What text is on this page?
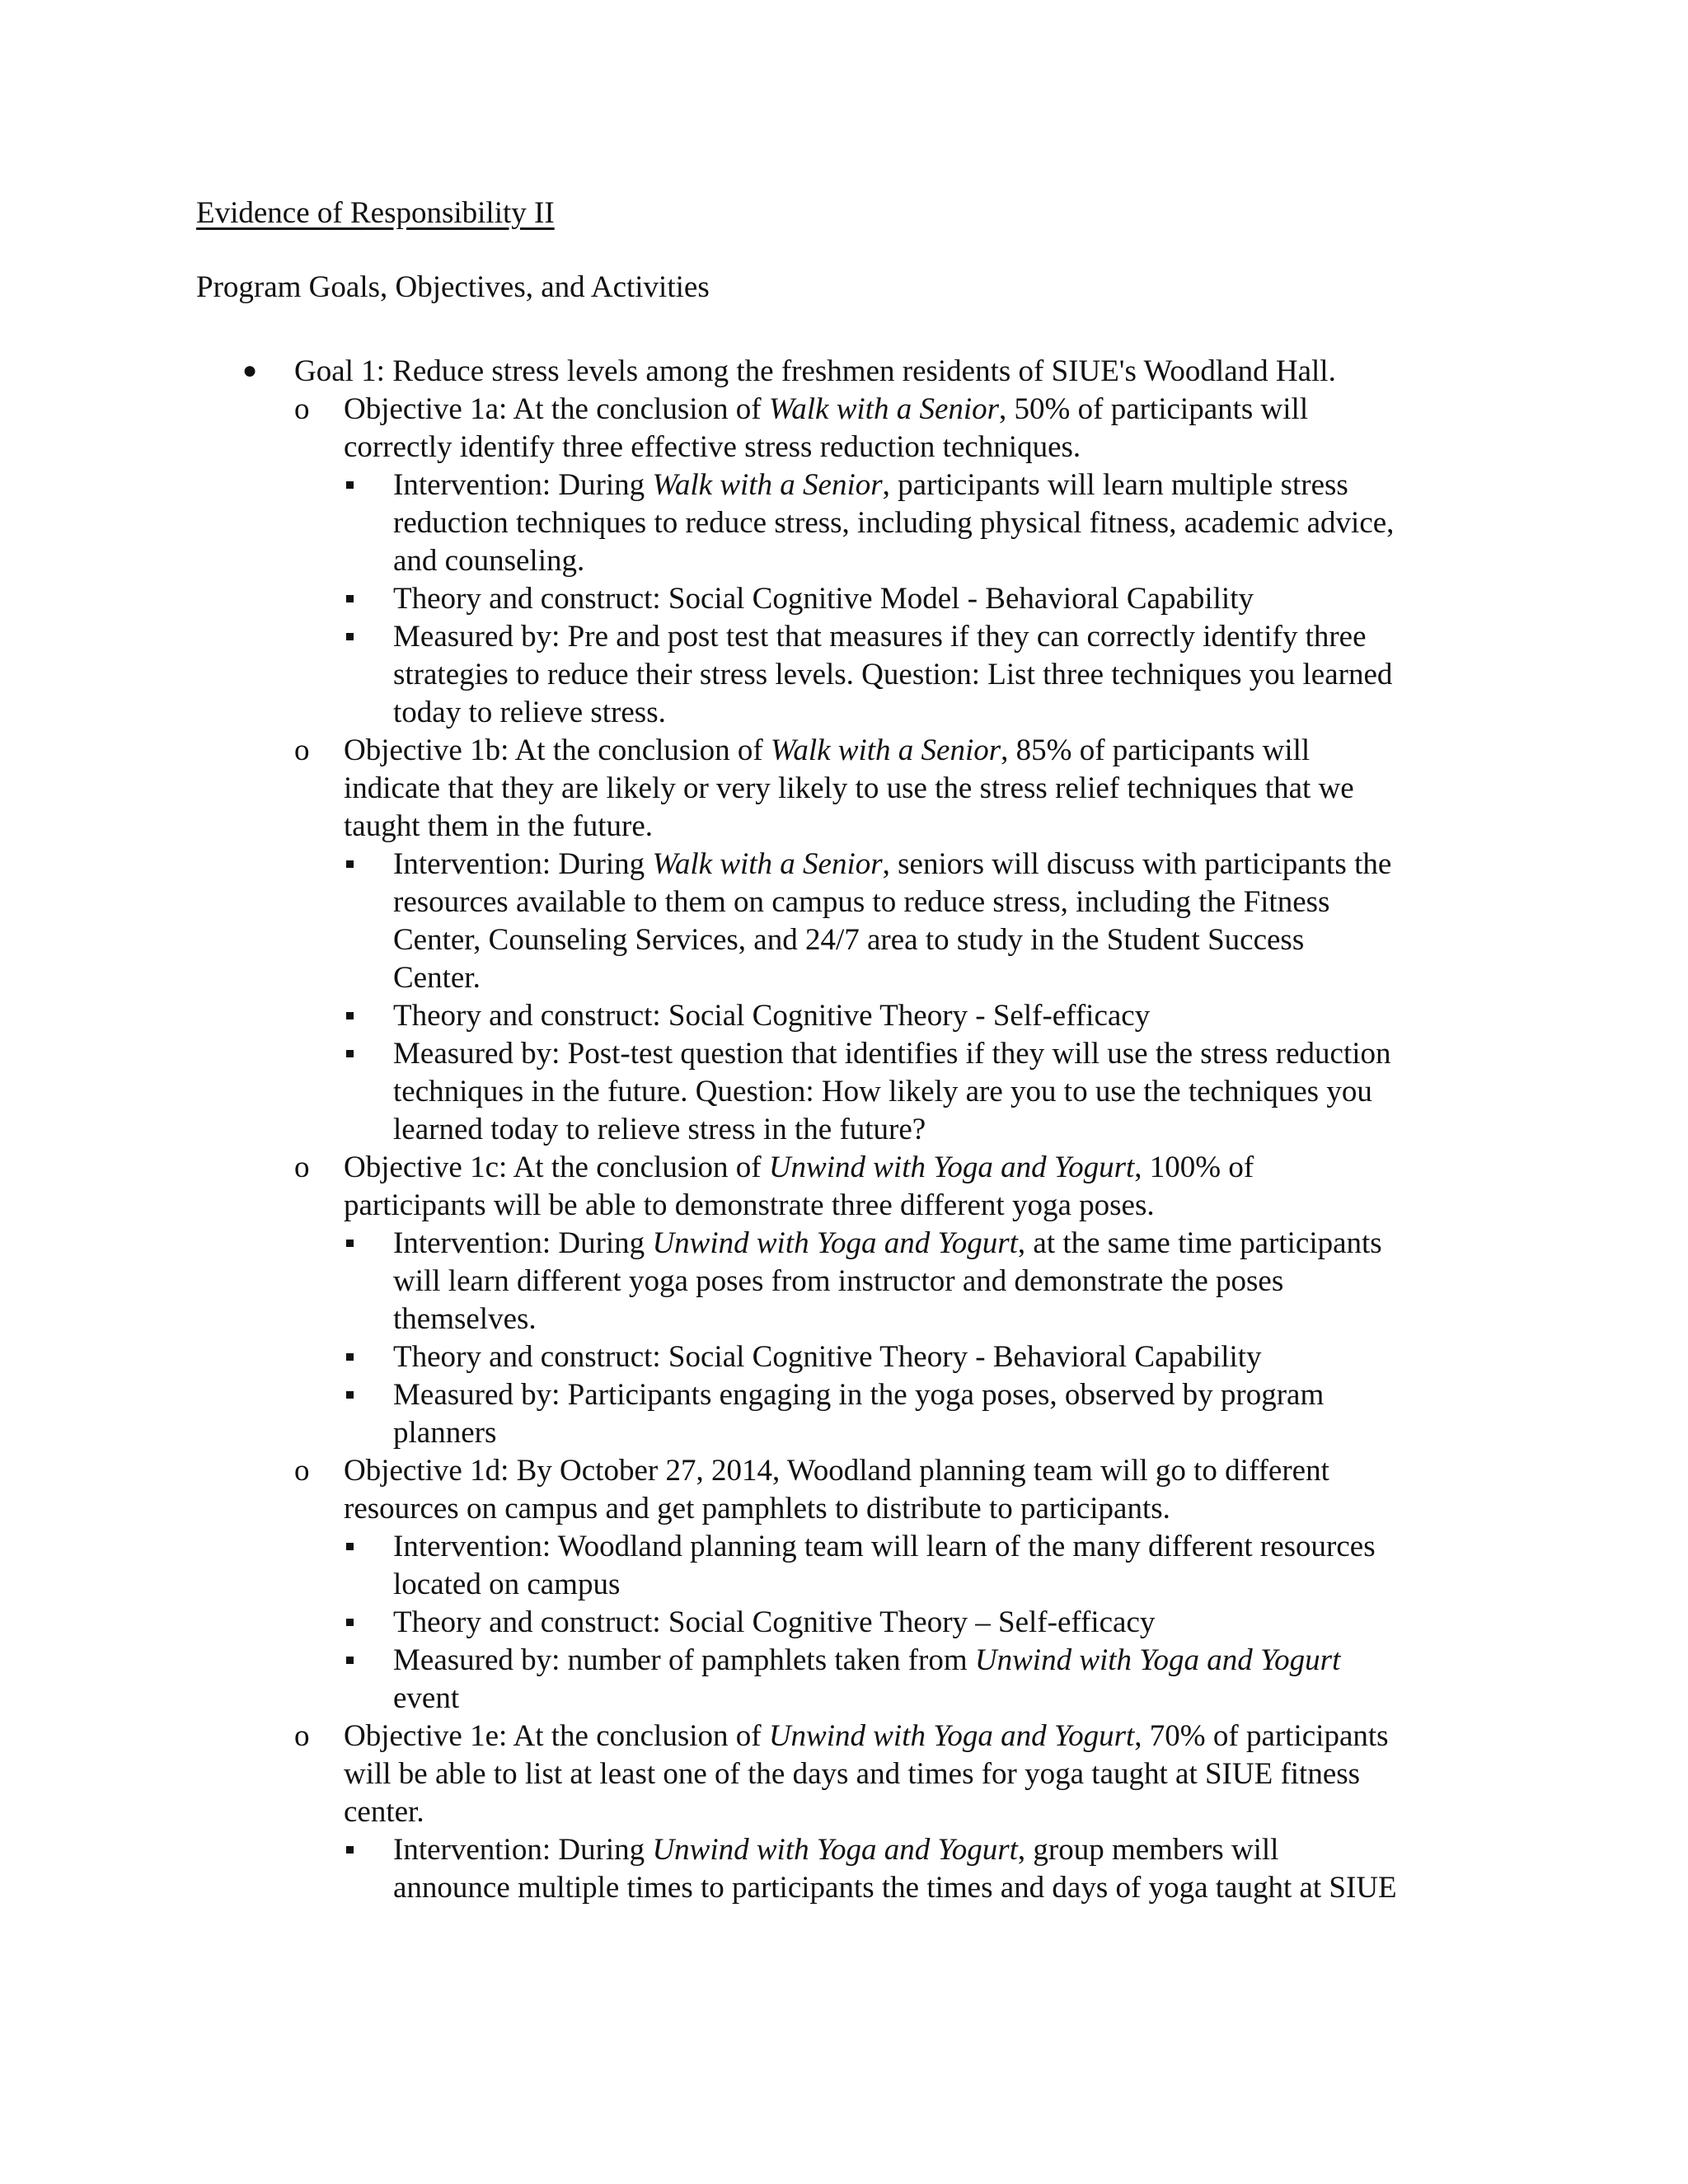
Evidence of Responsibility II
Program Goals, Objectives, and Activities
● Goal 1: Reduce stress levels among the freshmen residents of SIUE's Woodland Hall.
o Objective 1a: At the conclusion of Walk with a Senior, 50% of participants will
correctly identify three effective stress reduction techniques.
Intervention: During Walk with a Senior, participants will learn multiple stress
reduction techniques to reduce stress, including physical fitness, academic advice,
and counseling.
Theory and construct: Social Cognitive Model - Behavioral Capability
Measured by: Pre and post test that measures if they can correctly identify three
strategies to reduce their stress levels. Question: List three techniques you learned
today to relieve stress.
o Objective 1b: At the conclusion of Walk with a Senior, 85% of participants will
indicate that they are likely or very likely to use the stress relief techniques that we
taught them in the future.
Intervention: During Walk with a Senior, seniors will discuss with participants the
resources available to them on campus to reduce stress, including the Fitness
Center, Counseling Services, and 24/7 area to study in the Student Success
Center.
Theory and construct: Social Cognitive Theory - Self-efficacy
Measured by: Post-test question that identifies if they will use the stress reduction
techniques in the future. Question: How likely are you to use the techniques you
learned today to relieve stress in the future?
o Objective 1c: At the conclusion of Unwind with Yoga and Yogurt, 100% of
participants will be able to demonstrate three different yoga poses.
Intervention: During Unwind with Yoga and Yogurt, at the same time participants
will learn different yoga poses from instructor and demonstrate the poses
themselves.
Theory and construct: Social Cognitive Theory - Behavioral Capability
Measured by: Participants engaging in the yoga poses, observed by program
planners
o Objective 1d: By October 27, 2014, Woodland planning team will go to different
resources on campus and get pamphlets to distribute to participants.
Intervention: Woodland planning team will learn of the many different resources
located on campus
Theory and construct: Social Cognitive Theory – Self-efficacy
Measured by: number of pamphlets taken from Unwind with Yoga and Yogurt
event
o Objective 1e: At the conclusion of Unwind with Yoga and Yogurt, 70% of participants
will be able to list at least one of the days and times for yoga taught at SIUE fitness
center.
Intervention: During Unwind with Yoga and Yogurt, group members will
announce multiple times to participants the times and days of yoga taught at SIUE
